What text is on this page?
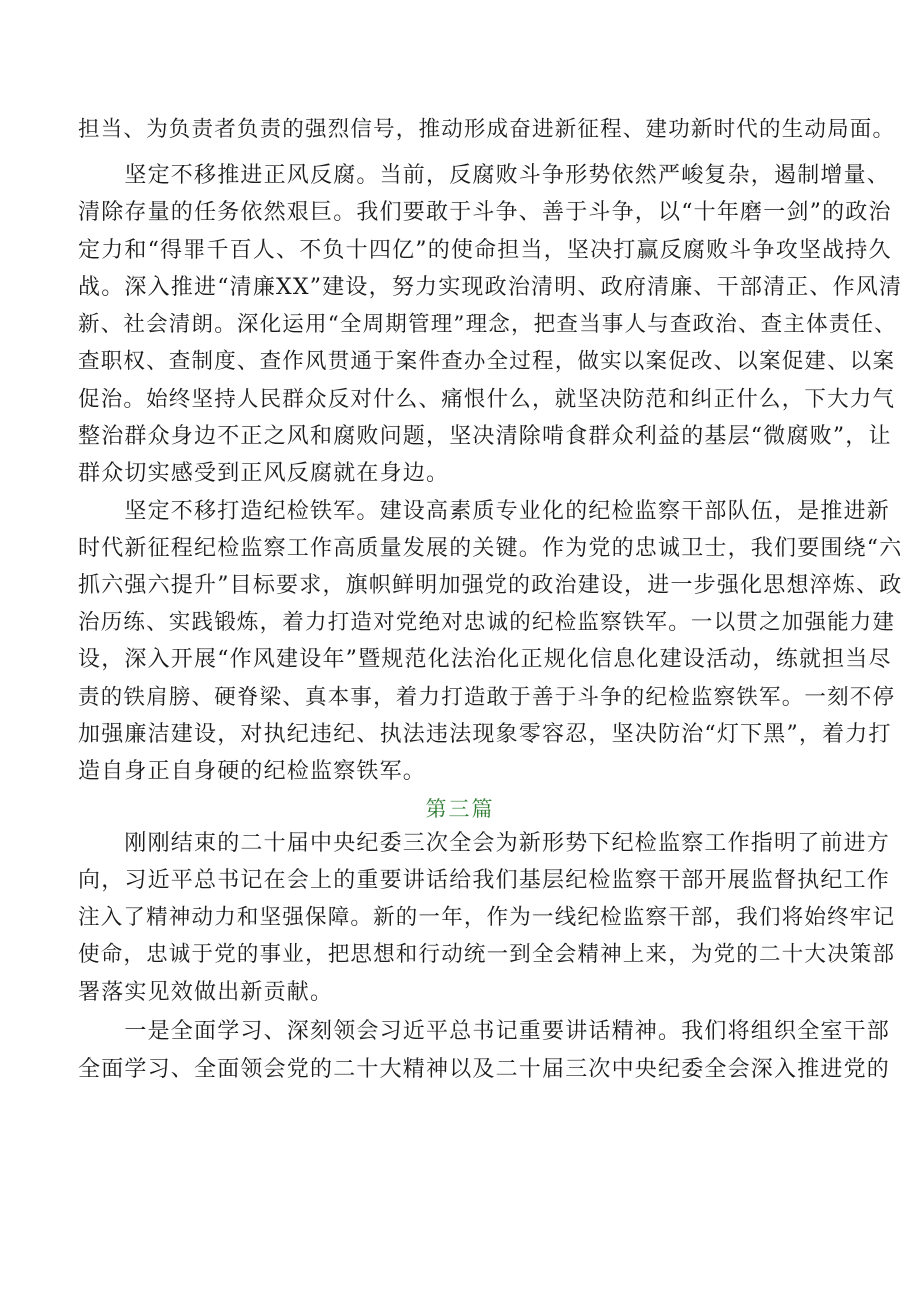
担当、为负责者负责的强烈信号，推动形成奋进新征程、建功新时代的生动局面。
　　坚定不移推进正风反腐。当前，反腐败斗争形势依然严峻复杂，遏制增量、
清除存量的任务依然艰巨。我们要敢于斗争、善于斗争，以“十年磨一剑”的政治
定力和“得罪千百人、不负十四亿”的使命担当，坚决打赢反腐败斗争攻坚战持久
战。深入推进“清廉XX”建设，努力实现政治清明、政府清廉、干部清正、作风清
新、社会清朗。深化运用“全周期管理”理念，把查当事人与查政治、查主体责任、
查职权、查制度、查作风贯通于案件查办全过程，做实以案促改、以案促建、以案
促治。始终坚持人民群众反对什么、痛恨什么，就坚决防范和纠正什么，下大力气
整治群众身边不正之风和腐败问题，坚决清除啃食群众利益的基层“微腐败”，让
群众切实感受到正风反腐就在身边。
　　坚定不移打造纪检铁军。建设高素质专业化的纪检监察干部队伍，是推进新
时代新征程纪检监察工作高质量发展的关键。作为党的忠诚卫士，我们要围绕“六
抓六强六提升”目标要求，旗帜鲜明加强党的政治建设，进一步强化思想淬炼、政
治历练、实践锻炼，着力打造对党绝对忠诚的纪检监察铁军。一以贯之加强能力建
设，深入开展“作风建设年”暨规范化法治化正规化信息化建设活动，练就担当尽
责的铁肩膀、硬脊梁、真本事，着力打造敢于善于斗争的纪检监察铁军。一刻不停
加强廉洁建设，对执纪违纪、执法违法现象零容忍，坚决防治“灯下黑”，着力打
造自身正自身硬的纪检监察铁军。
第三篇
　　刚刚结束的二十届中央纪委三次全会为新形势下纪检监察工作指明了前进方
向，习近平总书记在会上的重要讲话给我们基层纪检监察干部开展监督执纪工作
注入了精神动力和坚强保障。新的一年，作为一线纪检监察干部，我们将始终牢记
使命，忠诚于党的事业，把思想和行动统一到全会精神上来，为党的二十大决策部
署落实见效做出新贡献。
　　一是全面学习、深刻领会习近平总书记重要讲话精神。我们将组织全室干部
全面学习、全面领会党的二十大精神以及二十届三次中央纪委全会深入推进党的
